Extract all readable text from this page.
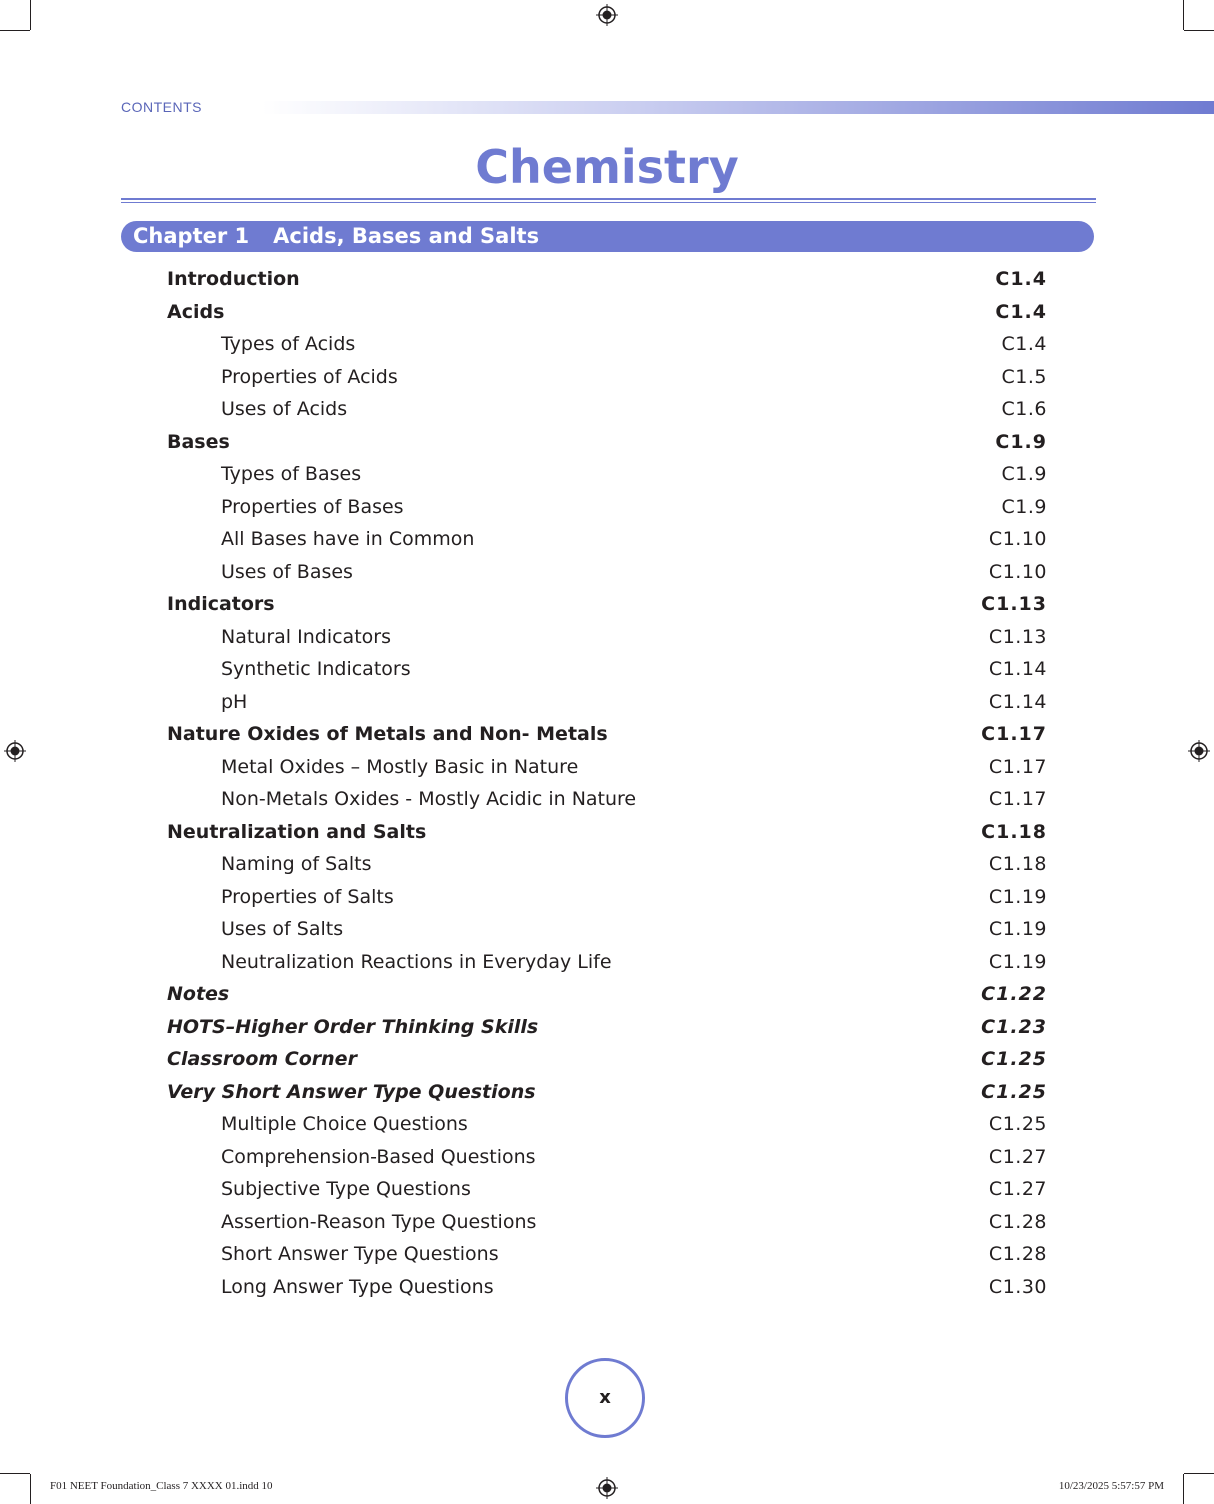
CONTENTS
Chemistry
Chapter 1 Acids, Bases and Salts
Introduction	C1.4
Acids	C1.4
Types of Acids	C1.4
Properties of Acids	C1.5
Uses of Acids	C1.6
Bases	C1.9
Types of Bases	C1.9
Properties of Bases	C1.9
All Bases have in Common	C1.10
Uses of Bases	C1.10
Indicators	C1.13
Natural Indicators	C1.13
Synthetic Indicators	C1.14
pH	C1.14
Nature Oxides of Metals and Non- Metals	C1.17
Metal Oxides – Mostly Basic in Nature	C1.17
Non-Metals Oxides - Mostly Acidic in Nature	C1.17
Neutralization and Salts	C1.18
Naming of Salts	C1.18
Properties of Salts	C1.19
Uses of Salts	C1.19
Neutralization Reactions in Everyday Life	C1.19
Notes	C1.22
HOTS–Higher Order Thinking Skills	C1.23
Classroom Corner	C1.25
Very Short Answer Type Questions	C1.25
Multiple Choice Questions	C1.25
Comprehension-Based Questions	C1.27
Subjective Type Questions	C1.27
Assertion-Reason Type Questions	C1.28
Short Answer Type Questions	C1.28
Long Answer Type Questions	C1.30
x
F01 NEET Foundation_Class 7 XXXX 01.indd 10	10/23/2025 5:57:57 PM
